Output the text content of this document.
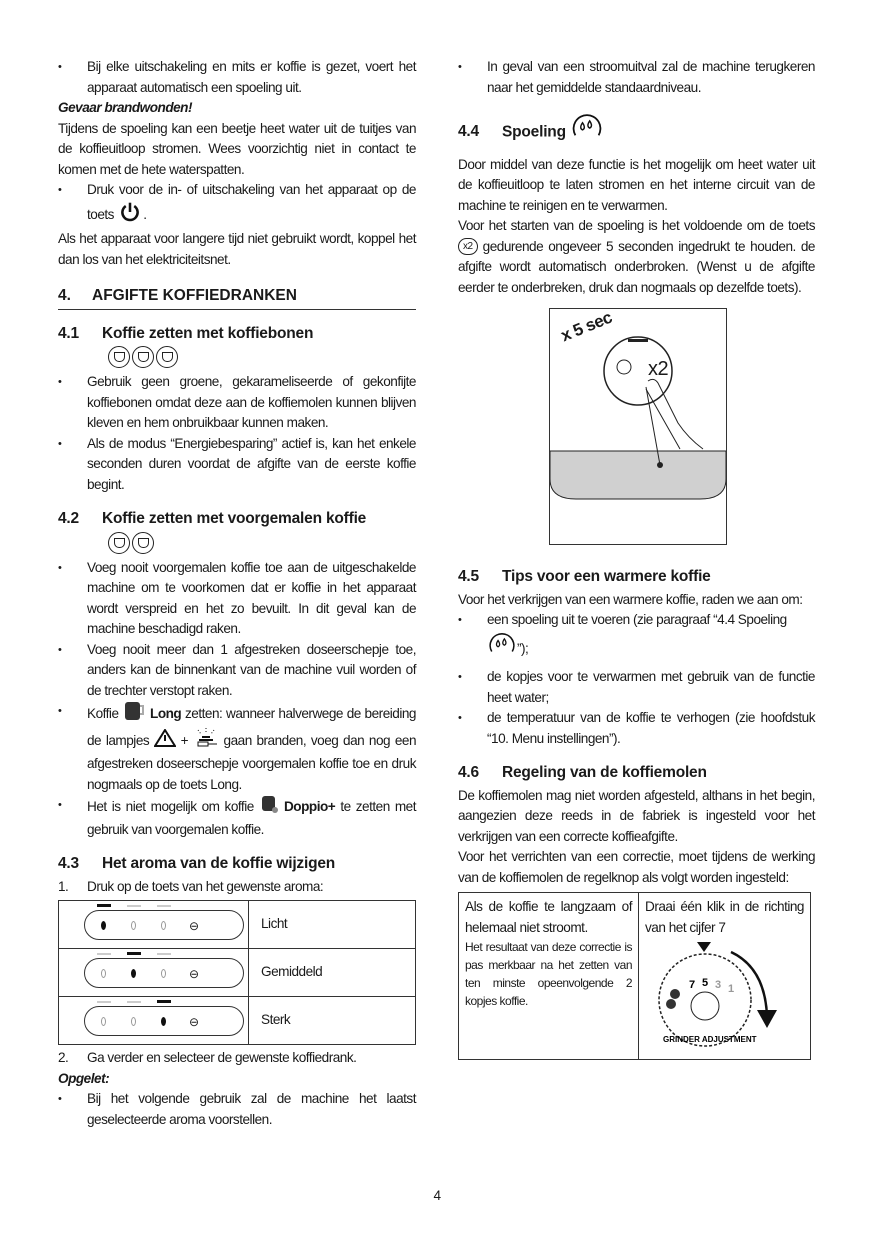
• Bij elke uitschakeling en mits er koffie is gezet, voert het apparaat automatisch een spoeling uit.
Gevaar brandwonden!

Tijdens de spoeling kan een beetje heet water uit de tuitjes van de koffieuitloop stromen. Wees voorzichtig niet in contact te komen met de hete waterspatten.

• Druk voor de in- of uitschakeling van het apparaat op de toets .

Als het apparaat voor langere tijd niet gebruikt wordt, koppel het dan los van het elektriciteitsnet.

4. AFGIFTE KOFFIEDRANKEN
4.1 Koffie zetten met koffiebonen
• Gebruik geen groene, gekarameliseerde of gekonfijte koffiebonen omdat deze aan de koffiemolen kunnen blijven kleven en hem onbruikbaar kunnen maken.
• Als de modus “Energiebesparing” actief is, kan het enkele seconden duren voordat de afgifte van de eerste koffie begint.
4.2 Koffie zetten met voorgemalen koffie
• Voeg nooit voorgemalen koffie toe aan de uitgeschakelde machine om te voorkomen dat er koffie in het apparaat wordt verspreid en het zo bevuilt. In dit geval kan de machine beschadigd raken.
• Voeg nooit meer dan 1 afgestreken doseerschepje toe, anders kan de binnenkant van de machine vuil worden of de trechter verstopt raken.
• Koffie Long zetten: wanneer halverwege de bereiding de lampjes +	gaan branden, voeg dan nog een afgestreken doseerschepje voorgemalen koffie toe en druk nogmaals op de toets Long.
• Het is niet mogelijk om koffie Doppio+ te zetten met gebruik van voorgemalen koffie.
4.3 Het aroma van de koffie wijzigen
1. Druk op de toets van het gewenste aroma:
⊖	Licht

⊖	Gemiddeld

⊖	Sterk
2. Ga verder en selecteer de gewenste koffiedrank.
Opgelet:
• Bij het volgende gebruik zal de machine het laatst geselecteerde aroma voorstellen.
• In geval van een stroomuitval zal de machine terugkeren naar het gemiddelde standaardniveau.
4.4 Spoeling

Door middel van deze functie is het mogelijk om heet water uit de koffieuitloop te laten stromen en het interne circuit van de machine te reinigen en te verwarmen.

Voor het starten van de spoeling is het voldoende om de toets x2 gedurende ongeveer 5 seconden ingedrukt te houden. de afgifte wordt automatisch onderbroken. (Wenst u de afgifte eerder te onderbreken, druk dan nogmaals op dezelfde toets).

x 5 sec
x2
4.5 Tips voor een warmere koffie
Voor het verkrijgen van een warmere koffie, raden we aan om:
• een spoeling uit te voeren (zie paragraaf “4.4 Spoeling
”);
• de kopjes voor te verwarmen met gebruik van de functie heet water;
• de temperatuur van de koffie te verhogen (zie hoofdstuk “10. Menu instellingen”).
4.6 Regeling van de koffiemolen

De koffiemolen mag niet worden afgesteld, althans in het begin, aangezien deze reeds in de fabriek is ingesteld voor het verkrijgen van een correcte koffieafgifte.

Voor het verrichten van een correctie, moet tijdens de werking van de koffiemolen de regelknop als volgt worden ingesteld:

Als de koffie te langzaam of helemaal niet stroomt.

Het resultaat van deze correctie is pas merkbaar na het zetten van ten minste opeenvolgende 2 kopjes koffie.

Draai één klik in de richting van het cijfer 7

7 5 3 1
GRINDER ADJUSTMENT
4
